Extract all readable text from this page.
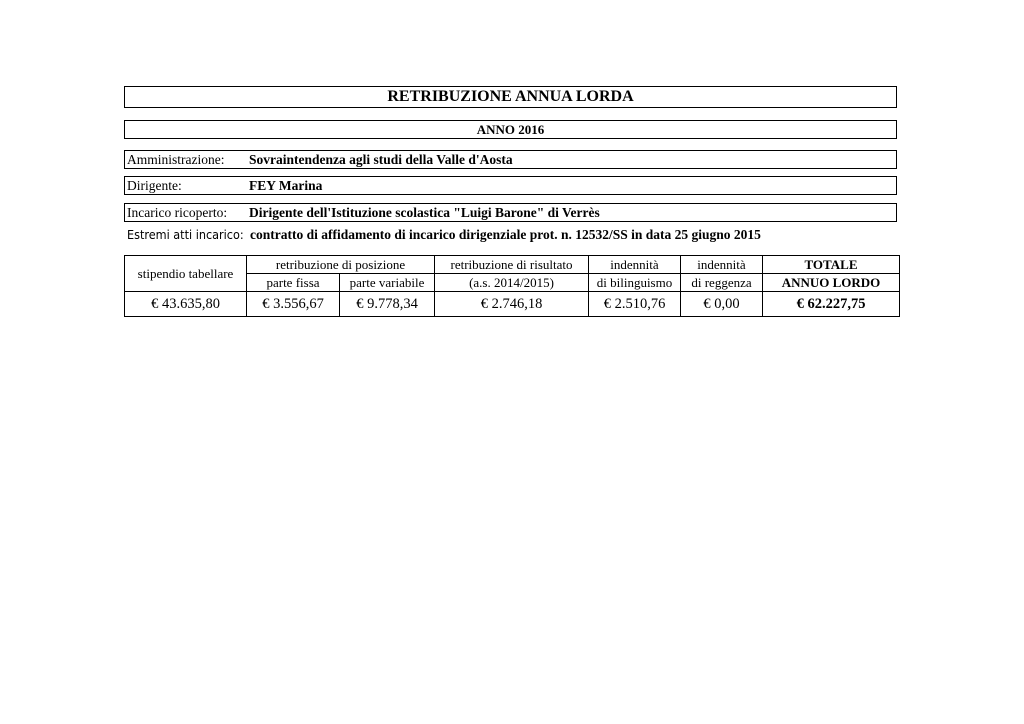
RETRIBUZIONE ANNUA LORDA
ANNO 2016
Amministrazione: Sovraintendenza agli studi della Valle d'Aosta
Dirigente:	FEY Marina
Incarico ricoperto: Dirigente dell'Istituzione scolastica "Luigi Barone" di Verrès
Estremi atti incarico: contratto di affidamento di incarico dirigenziale prot. n. 12532/SS in data 25 giugno 2015
stipendio tabellare	retribuzione di posizione		retribuzione di risultato	indennità	indennità	TOTALE
	parte fissa	parte variabile	(a.s. 2014/2015)	di bilinguismo	di reggenza	ANNUO LORDO
€ 43.635,80	€ 3.556,67	€ 9.778,34	€ 2.746,18	€ 2.510,76	€ 0,00	€ 62.227,75
